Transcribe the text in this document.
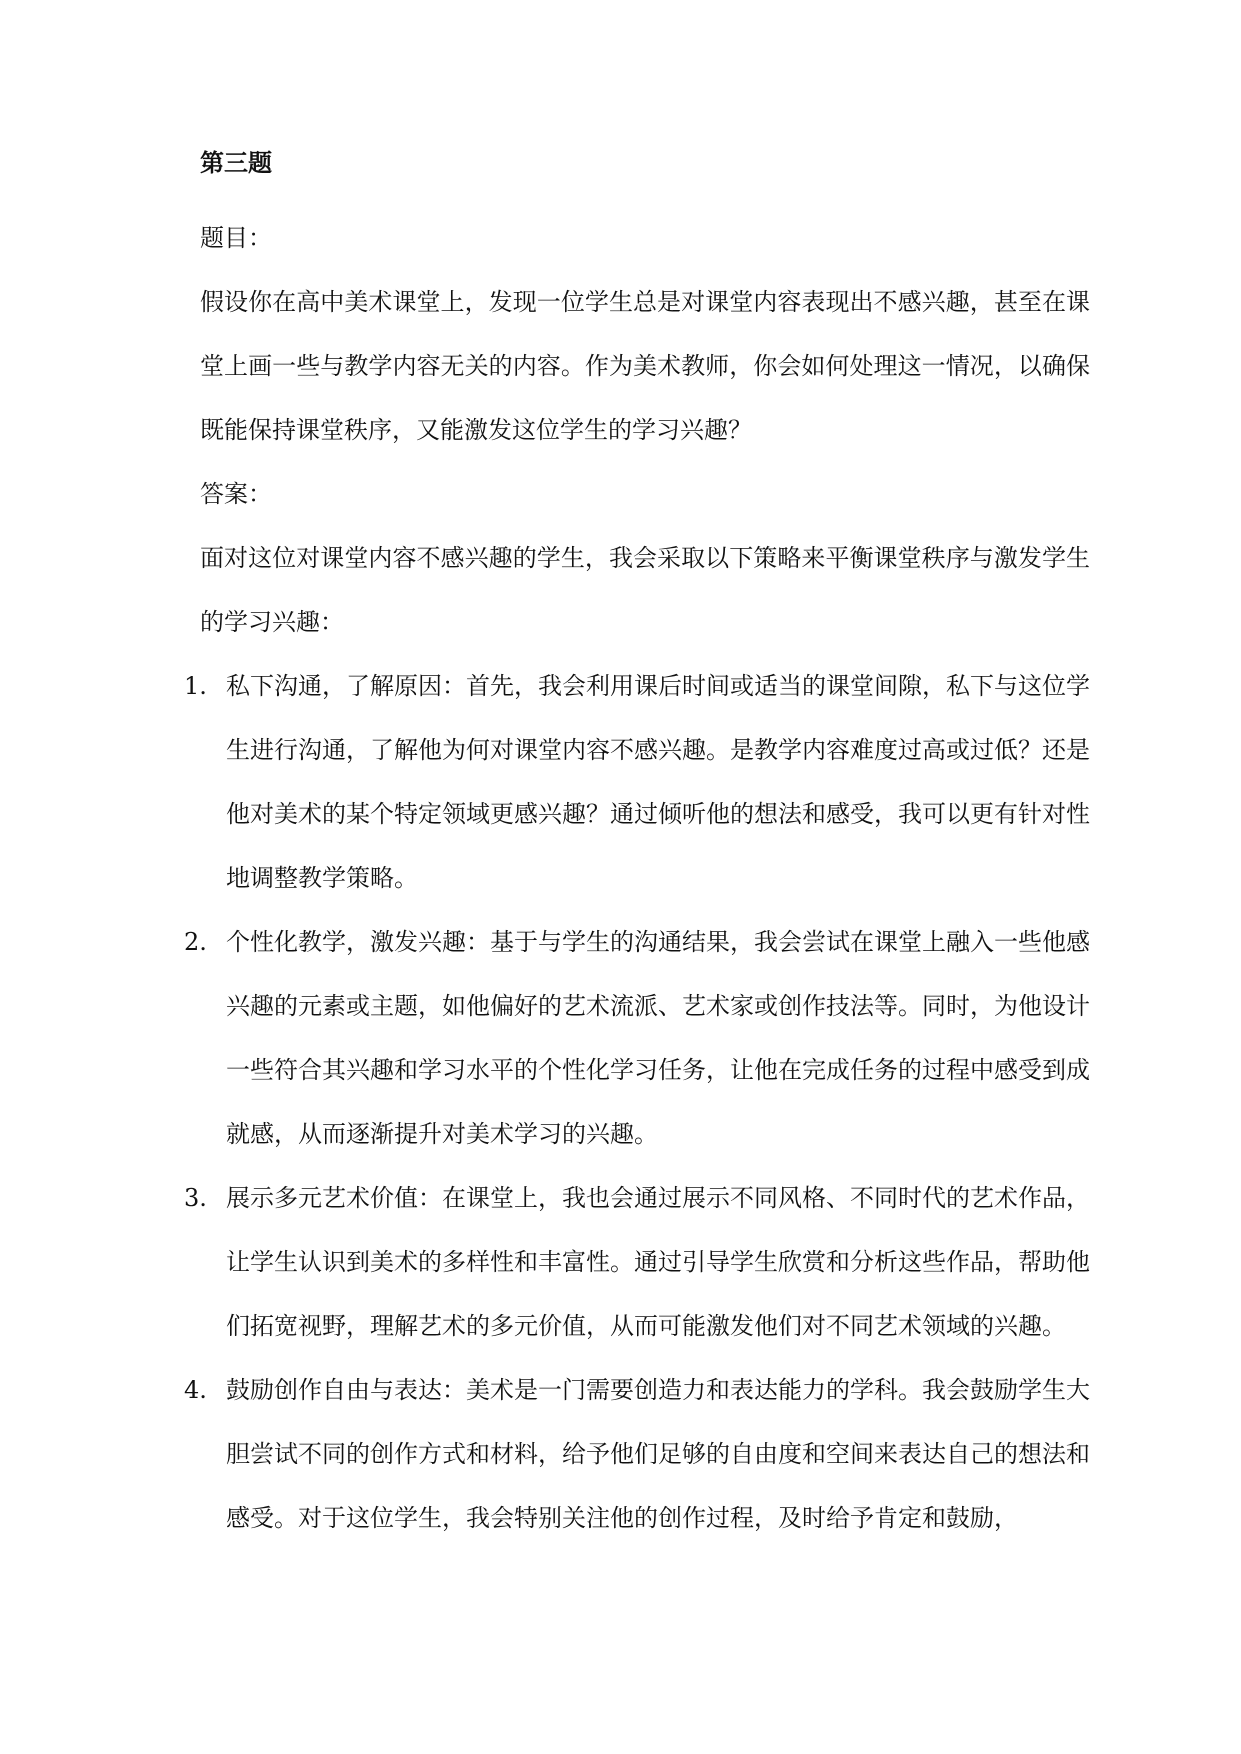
第三题

题目：

假设你在高中美术课堂上，发现一位学生总是对课堂内容表现出不感兴趣，甚至在课堂上画一些与教学内容无关的内容。作为美术教师，你会如何处理这一情况，以确保既能保持课堂秩序，又能激发这位学生的学习兴趣？

答案：

面对这位对课堂内容不感兴趣的学生，我会采取以下策略来平衡课堂秩序与激发学生的学习兴趣：

1. 私下沟通，了解原因：首先，我会利用课后时间或适当的课堂间隙，私下与这位学生进行沟通，了解他为何对课堂内容不感兴趣。是教学内容难度过高或过低？还是他对美术的某个特定领域更感兴趣？通过倾听他的想法和感受，我可以更有针对性地调整教学策略。
2. 个性化教学，激发兴趣：基于与学生的沟通结果，我会尝试在课堂上融入一些他感兴趣的元素或主题，如他偏好的艺术流派、艺术家或创作技法等。同时，为他设计一些符合其兴趣和学习水平的个性化学习任务，让他在完成任务的过程中感受到成就感，从而逐渐提升对美术学习的兴趣。
3. 展示多元艺术价值：在课堂上，我也会通过展示不同风格、不同时代的艺术作品，让学生认识到美术的多样性和丰富性。通过引导学生欣赏和分析这些作品，帮助他们拓宽视野，理解艺术的多元价值，从而可能激发他们对不同艺术领域的兴趣。
4. 鼓励创作自由与表达：美术是一门需要创造力和表达能力的学科。我会鼓励学生大胆尝试不同的创作方式和材料，给予他们足够的自由度和空间来表达自己的想法和感受。对于这位学生，我会特别关注他的创作过程，及时给予肯定和鼓励，
